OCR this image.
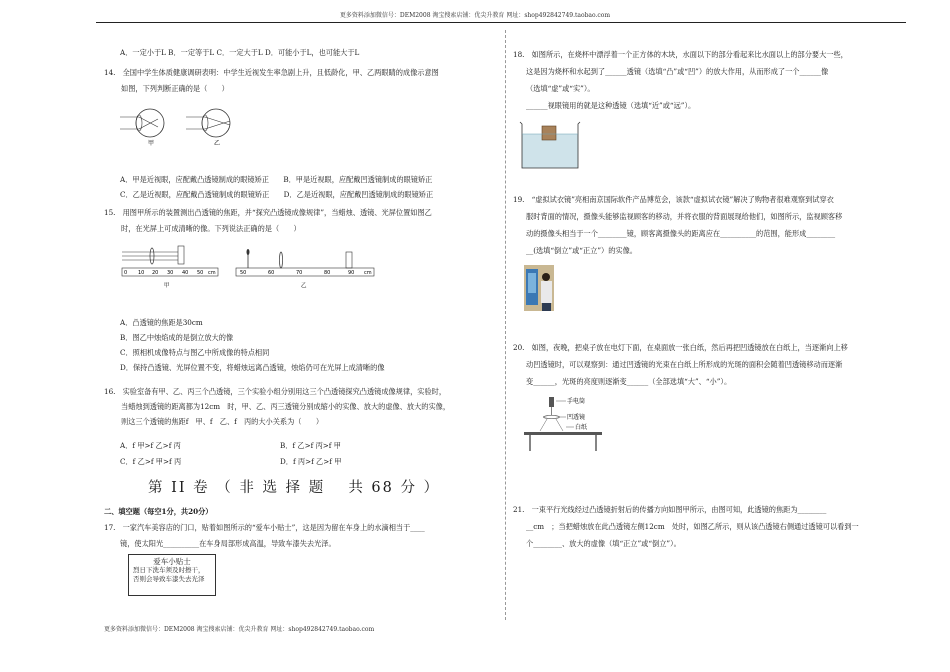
更多资料添加微信号：DEM2008 淘宝搜索店铺：优尖升教育 网址：shop492842749.taobao.com
A．一定小于L B．一定等于L C．一定大于L D．可能小于L，也可能大于L

14.　全国中学生体质健康调研表明：中学生近视发生率急剧上升，且低龄化，甲、乙两眼睛的成像示意图

如图，下列判断正确的是（　　）

甲	乙

A．甲是近视眼，应配戴凸透镜制成的眼镜矫正　　B．甲是近视眼，应配戴凹透镜制成的眼镜矫正

C．乙是近视眼，应配戴凸透镜制成的眼镜矫正　　D．乙是近视眼，应配戴凹透镜制成的眼镜矫正

15.　用图甲所示的装置测出凸透镜的焦距，并“探究凸透镜成像规律”，当蜡烛、透镜、光屏位置如图乙

时，在光屏上可成清晰的像。下列说法正确的是（　　）

0 10 20 30 40 50 cm
甲
50	60	70	80	90 cm
乙

A．凸透镜的焦距是30cm

B．图乙中烛焰成的是倒立放大的像

C．照相机成像特点与图乙中所成像的特点相同

D．保持凸透镜、光屏位置不变，将蜡烛远离凸透镜，烛焰仍可在光屏上成清晰的像

16.　实验室备有甲、乙、丙三个凸透镜，三个实验小组分别用这三个凸透镜探究凸透镜成像规律，实验时，

当蜡烛到透镜的距离都为12cm　时，甲、乙、丙三透镜分别成缩小的实像、放大的虚像、放大的实像，

则这三个透镜的焦距f　甲、f　乙、f　丙的大小关系为（　　）

A．f 甲>f 乙>f 丙	B．f 乙>f 丙>f 甲
C．f 乙>f 甲>f 丙	D．f 丙>f 乙>f 甲
第 II 卷 （ 非 选 择 题 　共 68 分 ）
二、填空题（每空1分，共20分）

17.　一家汽车美容店的门口，贴着如图所示的“爱车小贴士”，这是因为留在车身上的水滴相当于____

镜，使太阳光__________在车身局部形成高温，导致车漆失去光泽。

爱车小贴士
烈日下洗车须及时擦干，
否则会导致车漆失去光泽

18.　如图所示，在烧杯中漂浮着一个正方体的木块，水面以下的部分看起来比水面以上的部分要大一些，

这是因为烧杯和水起到了______透镜（选填“凸”或“凹”）的放大作用，从而形成了一个______像

（选填“虚”或“实”）。

______视眼镜用的就是这种透镜（选填“近”或“远”）。

19.　“虚拟试衣镜”亮相南京国际软件产品博览会，该款“虚拟试衣镜”解决了购物者很难观察到试穿衣

服时背面的情况，摄像头能够监视顾客的移动，并将衣服的背面展现给他们，如图所示，监视顾客移

动的摄像头相当于一个________镜，顾客离摄像头的距离应在__________的范围，能形成________

__(选填“倒立”或“正立”）的实像。

20.　如图，夜晚，把桌子放在电灯下面，在桌面放一张白纸，然后再把凹透镜放在白纸上，当逐渐向上移

动凹透镜时，可以观察到：通过凹透镜的光束在白纸上所形成的光斑的面积会随着凹透镜移动而逐渐

变______，光斑的亮度则逐渐变______（全部选填“大”、“小”）。

手电筒
凹透镜
白纸

21.　一束平行光线经过凸透镜折射后的传播方向如图甲所示，由图可知，此透镜的焦距为________

__cm　；当把蜡烛放在此凸透镜左侧12cm　处时，如图乙所示，则从该凸透镜右侧通过透镜可以看到一

个________、放大的虚像（填“正立”或“倒立”）。

更多资料添加微信号：DEM2008 淘宝搜索店铺：优尖升教育 网址：shop492842749.taobao.com
